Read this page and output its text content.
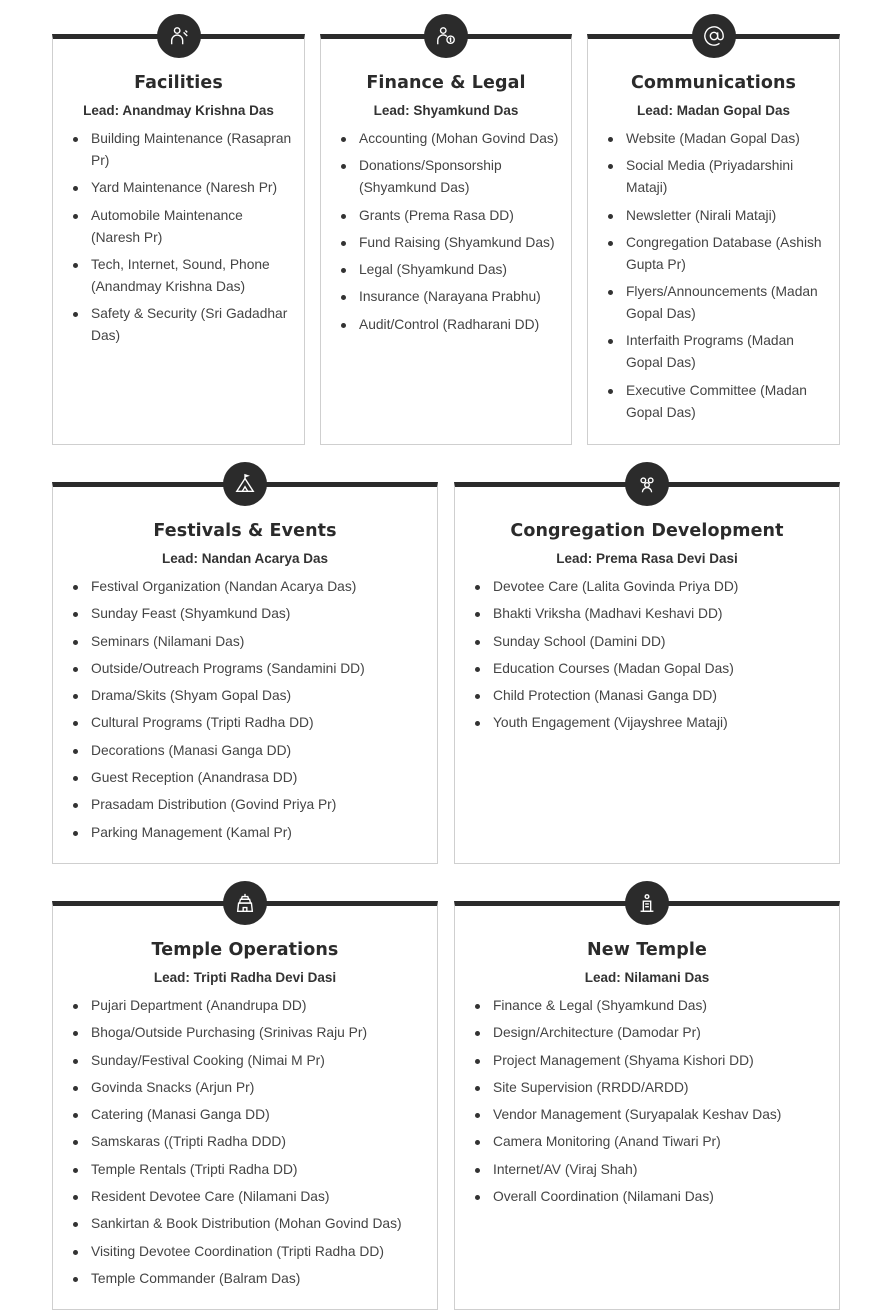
Facilities
Lead: Anandmay Krishna Das
Building Maintenance (Rasapran Pr)
Yard Maintenance (Naresh Pr)
Automobile Maintenance (Naresh Pr)
Tech, Internet, Sound, Phone (Anandmay Krishna Das)
Safety & Security (Sri Gadadhar Das)
Finance & Legal
Lead: Shyamkund Das
Accounting (Mohan Govind Das)
Donations/Sponsorship (Shyamkund Das)
Grants (Prema Rasa DD)
Fund Raising (Shyamkund Das)
Legal (Shyamkund Das)
Insurance (Narayana Prabhu)
Audit/Control (Radharani DD)
Communications
Lead: Madan Gopal Das
Website (Madan Gopal Das)
Social Media (Priyadarshini Mataji)
Newsletter (Nirali Mataji)
Congregation Database (Ashish Gupta Pr)
Flyers/Announcements (Madan Gopal Das)
Interfaith Programs (Madan Gopal Das)
Executive Committee (Madan Gopal Das)
Festivals & Events
Lead: Nandan Acarya Das
Festival Organization (Nandan Acarya Das)
Sunday Feast (Shyamkund Das)
Seminars (Nilamani Das)
Outside/Outreach Programs (Sandamini DD)
Drama/Skits (Shyam Gopal Das)
Cultural Programs (Tripti Radha DD)
Decorations (Manasi Ganga DD)
Guest Reception (Anandrasa DD)
Prasadam Distribution (Govind Priya Pr)
Parking Management (Kamal Pr)
Congregation Development
Lead: Prema Rasa Devi Dasi
Devotee Care (Lalita Govinda Priya DD)
Bhakti Vriksha (Madhavi Keshavi DD)
Sunday School (Damini DD)
Education Courses (Madan Gopal Das)
Child Protection (Manasi Ganga DD)
Youth Engagement (Vijayshree Mataji)
Temple Operations
Lead: Tripti Radha Devi Dasi
Pujari Department (Anandrupa DD)
Bhoga/Outside Purchasing (Srinivas Raju Pr)
Sunday/Festival Cooking (Nimai M Pr)
Govinda Snacks (Arjun Pr)
Catering (Manasi Ganga DD)
Samskaras ((Tripti Radha DDD)
Temple Rentals (Tripti Radha DD)
Resident Devotee Care (Nilamani Das)
Sankirtan & Book Distribution (Mohan Govind Das)
Visiting Devotee Coordination (Tripti Radha DD)
Temple Commander (Balram Das)
New Temple
Lead: Nilamani Das
Finance & Legal (Shyamkund Das)
Design/Architecture (Damodar Pr)
Project Management (Shyama Kishori DD)
Site Supervision (RRDD/ARDD)
Vendor Management (Suryapalak Keshav Das)
Camera Monitoring (Anand Tiwari Pr)
Internet/AV (Viraj Shah)
Overall Coordination (Nilamani Das)
